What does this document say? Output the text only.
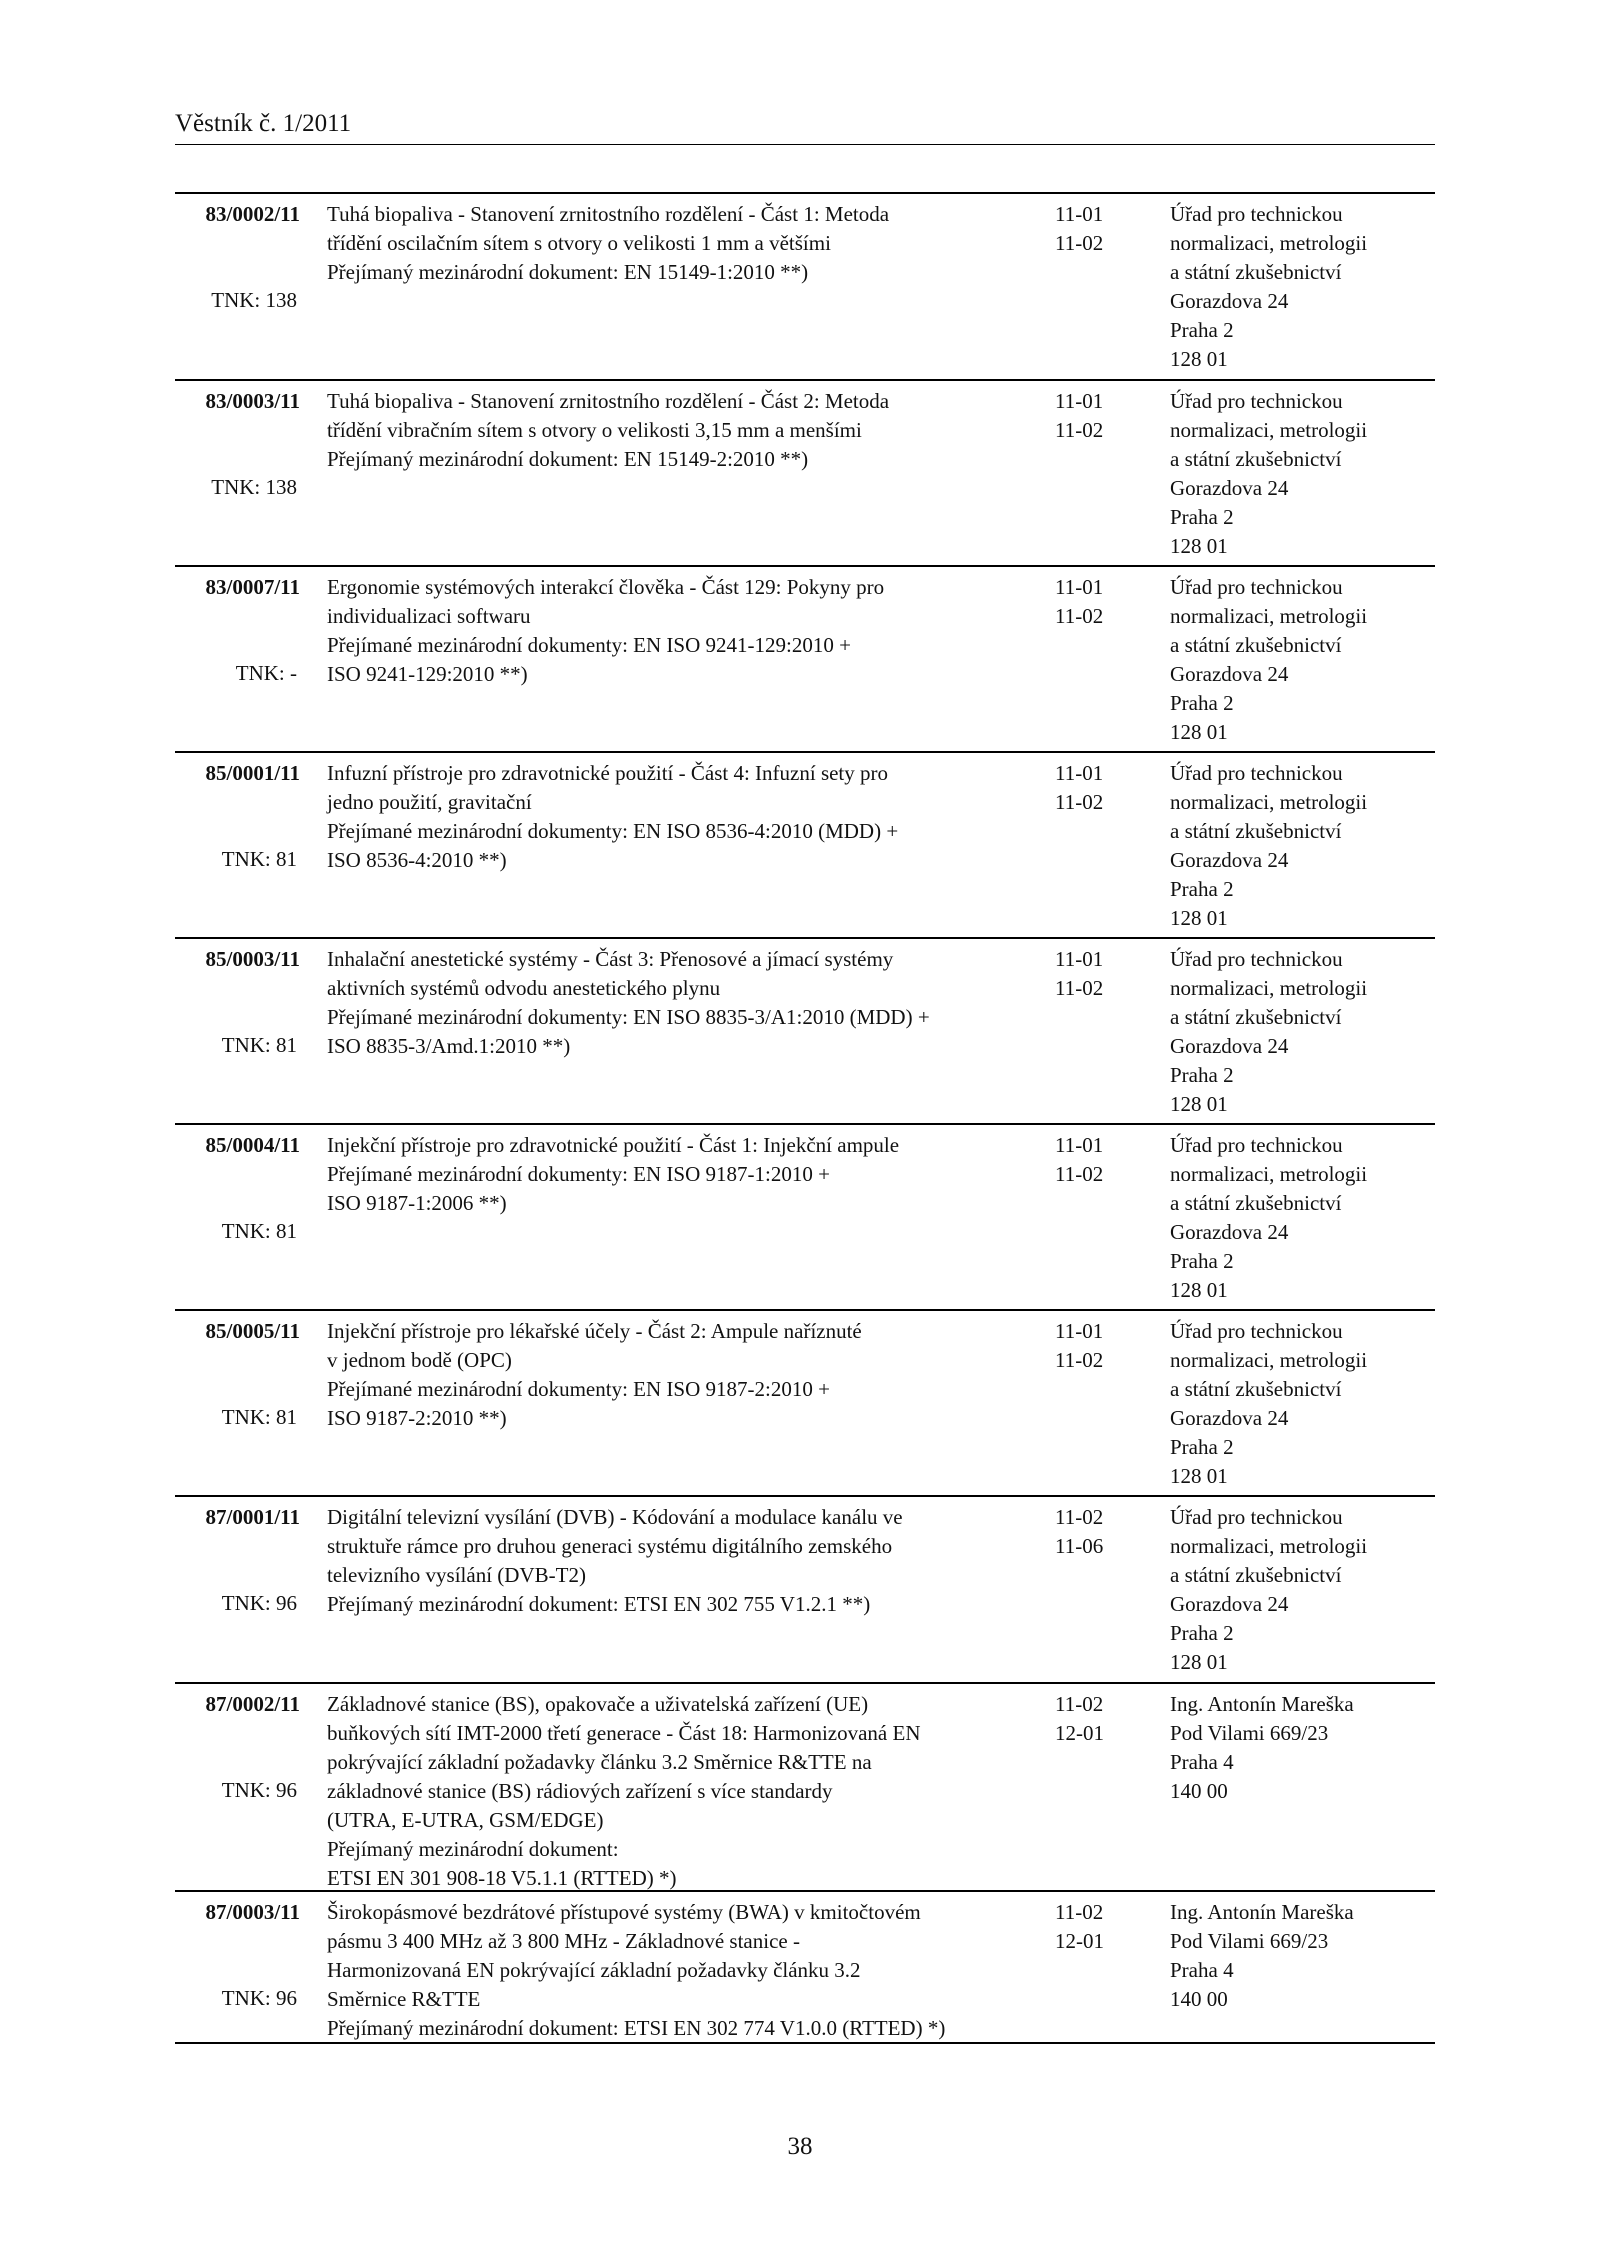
Věstník č. 1/2011
83/0002/11
TNK: 138
Tuhá biopaliva - Stanovení zrnitostního rozdělení - Část 1: Metoda
třídění oscilačním sítem s otvory o velikosti 1 mm a většími
Přejímaný mezinárodní dokument: EN 15149-1:2010 **)
11-01
11-02
Úřad pro technickou
normalizaci, metrologii
a státní zkušebnictví
Gorazdova 24
Praha 2
128 01
83/0003/11
TNK: 138
Tuhá biopaliva - Stanovení zrnitostního rozdělení - Část 2: Metoda
třídění vibračním sítem s otvory o velikosti 3,15 mm a menšími
Přejímaný mezinárodní dokument: EN 15149-2:2010 **)
11-01
11-02
Úřad pro technickou
normalizaci, metrologii
a státní zkušebnictví
Gorazdova 24
Praha 2
128 01
83/0007/11
TNK: -
Ergonomie systémových interakcí člověka - Část 129: Pokyny pro
individualizaci softwaru
Přejímané mezinárodní dokumenty: EN ISO 9241-129:2010 +
ISO 9241-129:2010 **)
11-01
11-02
Úřad pro technickou
normalizaci, metrologii
a státní zkušebnictví
Gorazdova 24
Praha 2
128 01
85/0001/11
TNK: 81
Infuzní přístroje pro zdravotnické použití - Část 4: Infuzní sety pro
jedno použití, gravitační
Přejímané mezinárodní dokumenty: EN ISO 8536-4:2010 (MDD) +
ISO 8536-4:2010 **)
11-01
11-02
Úřad pro technickou
normalizaci, metrologii
a státní zkušebnictví
Gorazdova 24
Praha 2
128 01
85/0003/11
TNK: 81
Inhalační anestetické systémy - Část 3: Přenosové a jímací systémy
aktivních systémů odvodu anestetického plynu
Přejímané mezinárodní dokumenty: EN ISO 8835-3/A1:2010 (MDD) +
ISO 8835-3/Amd.1:2010 **)
11-01
11-02
Úřad pro technickou
normalizaci, metrologii
a státní zkušebnictví
Gorazdova 24
Praha 2
128 01
85/0004/11
TNK: 81
Injekční přístroje pro zdravotnické použití - Část 1: Injekční ampule
Přejímané mezinárodní dokumenty: EN ISO 9187-1:2010 +
ISO 9187-1:2006 **)
11-01
11-02
Úřad pro technickou
normalizaci, metrologii
a státní zkušebnictví
Gorazdova 24
Praha 2
128 01
85/0005/11
TNK: 81
Injekční přístroje pro lékařské účely - Část 2: Ampule naříznuté
v jednom bodě (OPC)
Přejímané mezinárodní dokumenty: EN ISO 9187-2:2010 +
ISO 9187-2:2010 **)
11-01
11-02
Úřad pro technickou
normalizaci, metrologii
a státní zkušebnictví
Gorazdova 24
Praha 2
128 01
87/0001/11
TNK: 96
Digitální televizní vysílání (DVB) - Kódování a modulace kanálu ve
struktuře rámce pro druhou generaci systému digitálního zemského
televizního vysílání (DVB-T2)
Přejímaný mezinárodní dokument: ETSI EN 302 755 V1.2.1 **)
11-02
11-06
Úřad pro technickou
normalizaci, metrologii
a státní zkušebnictví
Gorazdova 24
Praha 2
128 01
87/0002/11
TNK: 96
Základnové stanice (BS), opakovače a uživatelská zařízení (UE)
buňkových sítí IMT-2000 třetí generace - Část 18: Harmonizovaná EN
pokrývající základní požadavky článku 3.2 Směrnice R&TTE na
základnové stanice (BS) rádiových zařízení s více standardy
(UTRA, E-UTRA, GSM/EDGE)
Přejímaný mezinárodní dokument:
ETSI EN 301 908-18 V5.1.1 (RTTED) *)
11-02
12-01
Ing. Antonín Mareška
Pod Vilami 669/23
Praha 4
140 00
87/0003/11
TNK: 96
Širokopásmové bezdrátové přístupové systémy (BWA) v kmitočtovém
pásmu 3 400 MHz až 3 800 MHz - Základnové stanice -
Harmonizovaná EN pokrývající základní požadavky článku 3.2
Směrnice R&TTE
Přejímaný mezinárodní dokument: ETSI EN 302 774 V1.0.0 (RTTED) *)
11-02
12-01
Ing. Antonín Mareška
Pod Vilami 669/23
Praha 4
140 00
38
